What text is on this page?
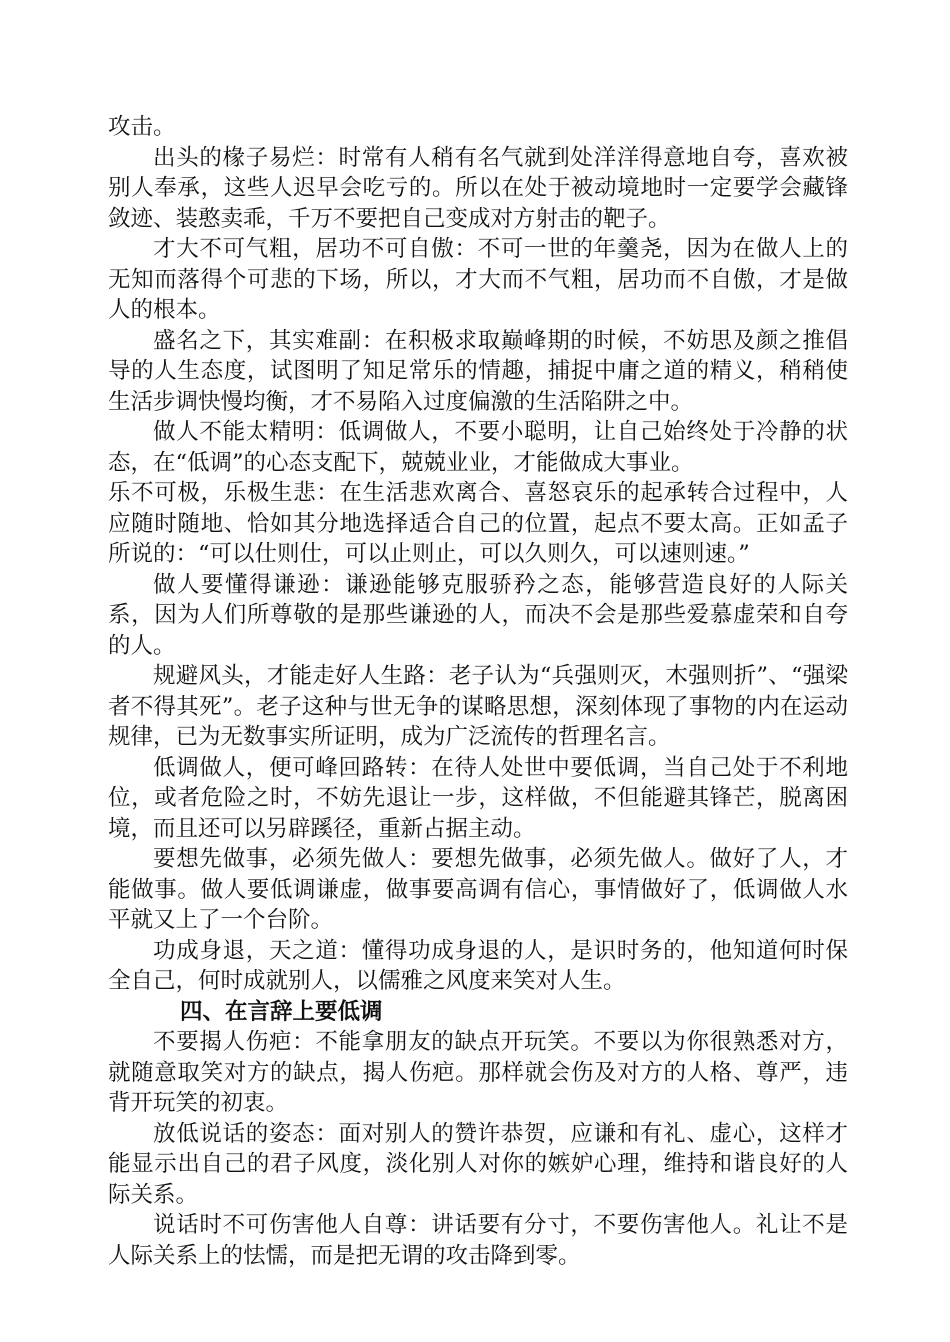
攻击。

出头的椽子易烂：时常有人稍有名气就到处洋洋得意地自夸，喜欢被别人奉承，这些人迟早会吃亏的。所以在处于被动境地时一定要学会藏锋敛迹、装憨卖乖，千万不要把自己变成对方射击的靶子。

才大不可气粗，居功不可自傲：不可一世的年羹尧，因为在做人上的无知而落得个可悲的下场，所以，才大而不气粗，居功而不自傲，才是做人的根本。

盛名之下，其实难副：在积极求取巅峰期的时候，不妨思及颜之推倡导的人生态度，试图明了知足常乐的情趣，捕捉中庸之道的精义，稍稍使生活步调快慢均衡，才不易陷入过度偏激的生活陷阱之中。

做人不能太精明：低调做人，不要小聪明，让自己始终处于冷静的状态，在“低调”的心态支配下，兢兢业业，才能做成大事业。

乐不可极，乐极生悲：在生活悲欢离合、喜怒哀乐的起承转合过程中，人应随时随地、恰如其分地选择适合自己的位置，起点不要太高。正如孟子所说的：“可以仕则仕，可以止则止，可以久则久，可以速则速。”

做人要懂得谦逊：谦逊能够克服骄矜之态，能够营造良好的人际关系，因为人们所尊敬的是那些谦逊的人，而决不会是那些爱慕虚荣和自夸的人。

规避风头，才能走好人生路：老子认为“兵强则灭，木强则折”、“强梁者不得其死”。老子这种与世无争的谋略思想，深刻体现了事物的内在运动规律，已为无数事实所证明，成为广泛流传的哲理名言。

低调做人，便可峰回路转：在待人处世中要低调，当自己处于不利地位，或者危险之时，不妨先退让一步，这样做，不但能避其锋芒，脱离困境，而且还可以另辟蹊径，重新占据主动。

要想先做事，必须先做人：要想先做事，必须先做人。做好了人，才能做事。做人要低调谦虚，做事要高调有信心，事情做好了，低调做人水平就又上了一个台阶。

功成身退，天之道：懂得功成身退的人，是识时务的，他知道何时保全自己，何时成就别人，以儒雅之风度来笑对人生。

四、在言辞上要低调

不要揭人伤疤：不能拿朋友的缺点开玩笑。不要以为你很熟悉对方，就随意取笑对方的缺点，揭人伤疤。那样就会伤及对方的人格、尊严，违背开玩笑的初衷。

放低说话的姿态：面对别人的赞许恭贺，应谦和有礼、虚心，这样才能显示出自己的君子风度，淡化别人对你的嫉妒心理，维持和谐良好的人际关系。

说话时不可伤害他人自尊：讲话要有分寸，不要伤害他人。礼让不是人际关系上的怯懦，而是把无谓的攻击降到零。
